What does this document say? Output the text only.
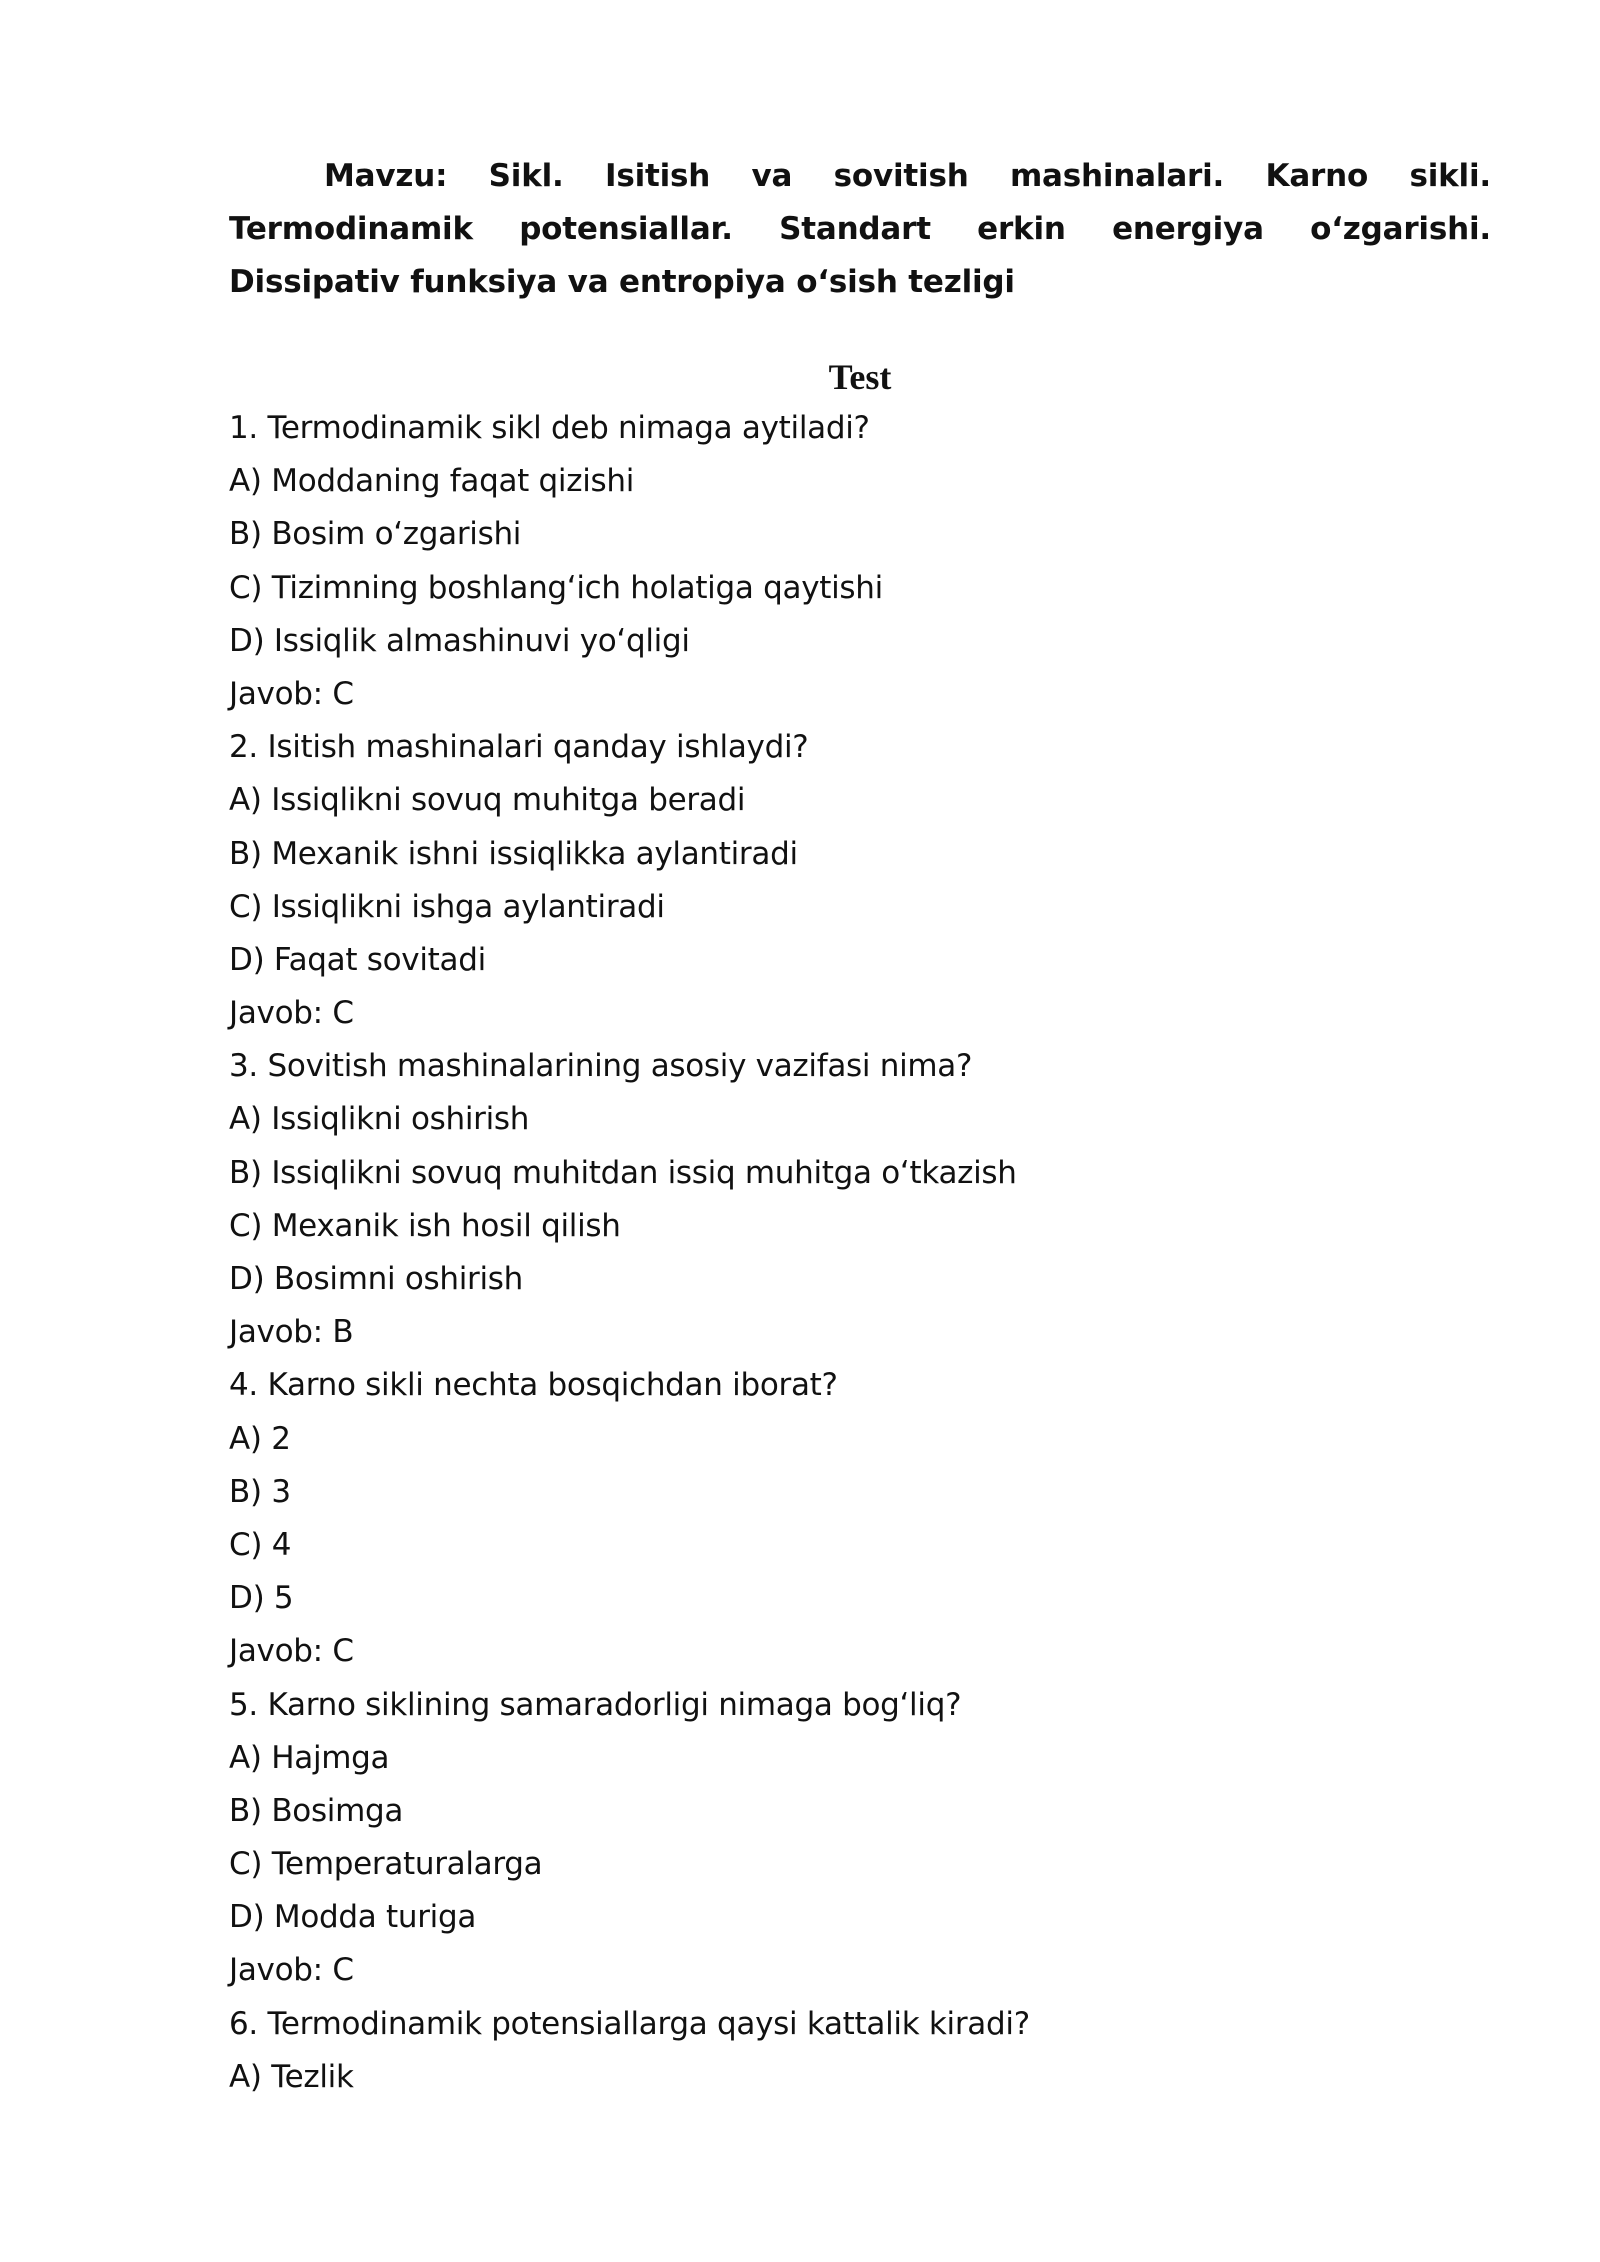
Mavzu: Sikl. Isitish va sovitish mashinalari. Karno sikli. Termodinamik potensiallar. Standart erkin energiya oʻzgarishi. Dissipativ funksiya va entropiya oʻsish tezligi

Test
1. Termodinamik sikl deb nimaga aytiladi?
A) Moddaning faqat qizishi
B) Bosim oʻzgarishi
C) Tizimning boshlangʻich holatiga qaytishi
D) Issiqlik almashinuvi yoʻqligi
Javob: C
2. Isitish mashinalari qanday ishlaydi?
A) Issiqlikni sovuq muhitga beradi
B) Mexanik ishni issiqlikka aylantiradi
C) Issiqlikni ishga aylantiradi
D) Faqat sovitadi
Javob: C
3. Sovitish mashinalarining asosiy vazifasi nima?
A) Issiqlikni oshirish
B) Issiqlikni sovuq muhitdan issiq muhitga oʻtkazish
C) Mexanik ish hosil qilish
D) Bosimni oshirish
Javob: B
4. Karno sikli nechta bosqichdan iborat?
A) 2
B) 3
C) 4
D) 5
Javob: C
5. Karno siklining samaradorligi nimaga bogʻliq?
A) Hajmga
B) Bosimga
C) Temperaturalarga
D) Modda turiga
Javob: C
6. Termodinamik potensiallarga qaysi kattalik kiradi?
A) Tezlik
